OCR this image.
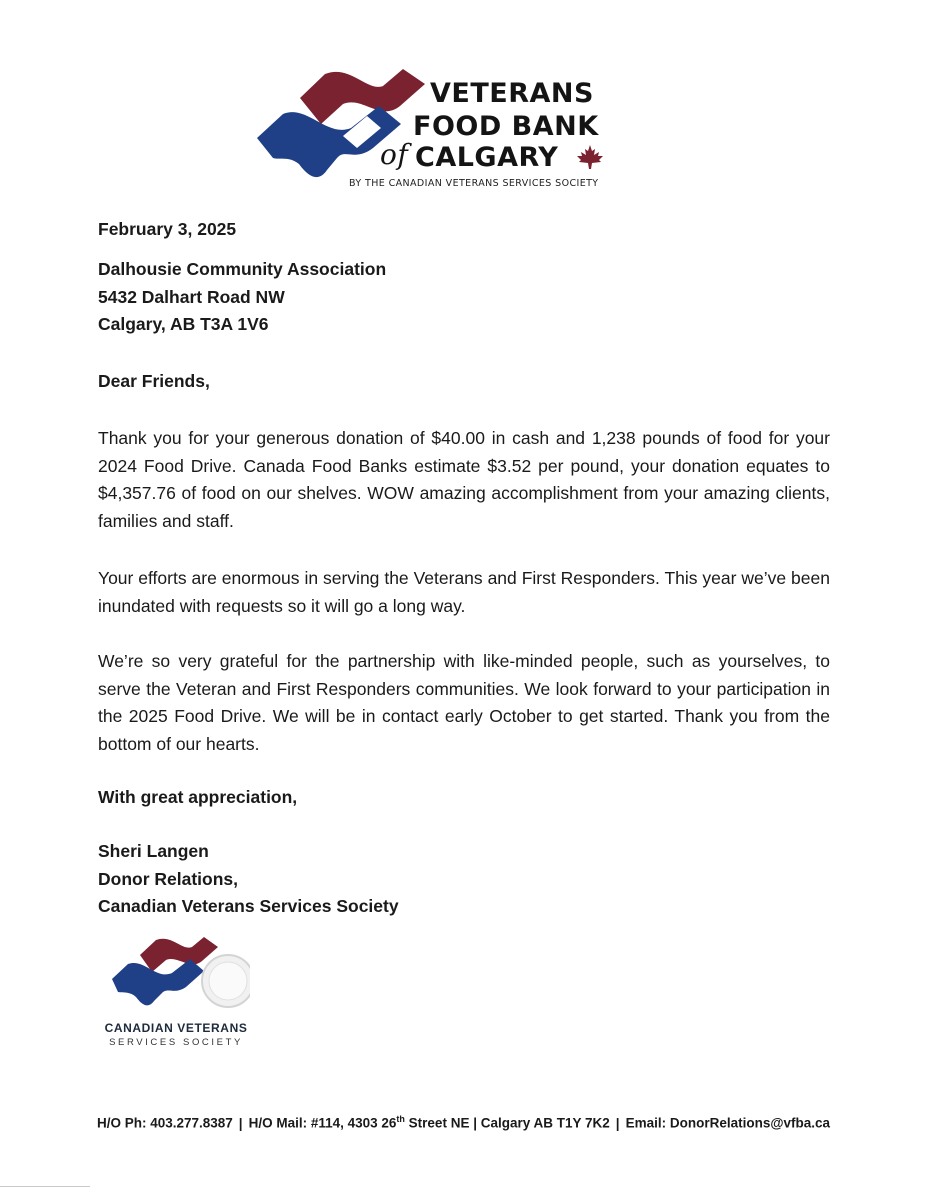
VETERANS
FOOD BANK
of CALGARY
BY THE CANADIAN VETERANS SERVICES SOCIETY
February 3, 2025
Dalhousie Community Association
5432 Dalhart Road NW
Calgary, AB T3A 1V6
Dear Friends,
Thank you for your generous donation of $40.00 in cash and 1,238 pounds of food for your 2024 Food Drive. Canada Food Banks estimate $3.52 per pound, your donation equates to $4,357.76 of food on our shelves. WOW amazing accomplishment from your amazing clients, families and staff.
Your efforts are enormous in serving the Veterans and First Responders. This year we’ve been inundated with requests so it will go a long way.
We’re so very grateful for the partnership with like-minded people, such as yourselves, to serve the Veteran and First Responders communities. We look forward to your participation in the 2025 Food Drive. We will be in contact early October to get started. Thank you from the bottom of our hearts.
With great appreciation,
Sheri Langen
Donor Relations,
Canadian Veterans Services Society
CANADIAN VETERANS
SERVICES SOCIETY
H/O Ph: 403.277.8387 | H/O Mail: #114, 4303 26th Street NE | Calgary AB T1Y 7K2 | Email: DonorRelations@vfba.ca
